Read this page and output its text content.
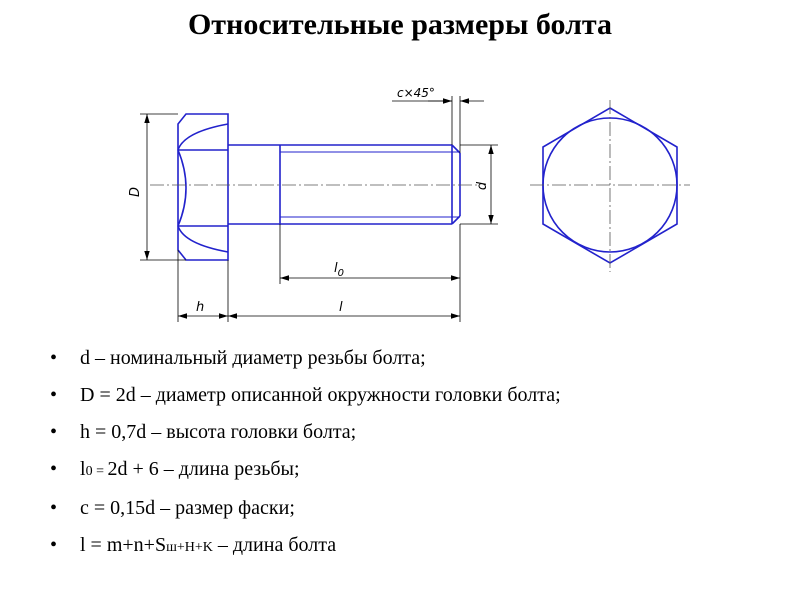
Относительные размеры болта
D
d
$l_0$
h	l
c×45°
• d – номинальный диаметр резьбы болта;
• D = 2d – диаметр описанной окружности головки болта;
• h = 0,7d – высота головки болта;
• l0 = 2d + 6 – длина резьбы;
• c = 0,15d – размер фаски;
• l = m+n+Sш+H+K – длина болта
